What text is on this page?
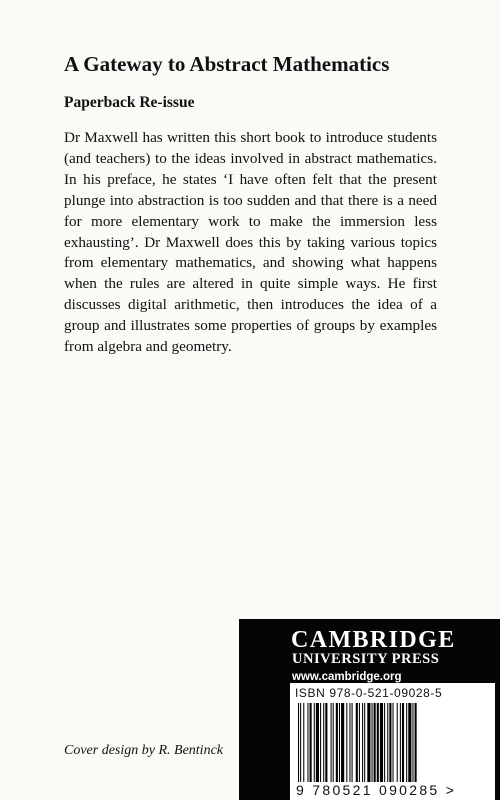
A Gateway to Abstract Mathematics
Paperback Re-issue

Dr Maxwell has written this short book to introduce students (and teachers) to the ideas involved in abstract mathematics. In his preface, he states ‘I have often felt that the present plunge into abstraction is too sudden and that there is a need for more elementary work to make the immersion less exhausting’. Dr Maxwell does this by taking various topics from elementary mathematics, and showing what happens when the rules are altered in quite simple ways. He first discusses digital arithmetic, then introduces the idea of a group and illustrates some properties of groups by examples from algebra and geometry.

Cover design by R. Bentinck
CAMBRIDGE
UNIVERSITY PRESS
www.cambridge.org
ISBN 978-0-521-09028-5
9 780521 090285 >
